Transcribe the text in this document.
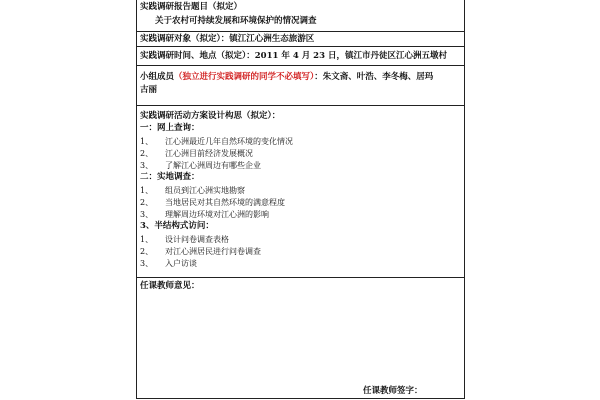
实践调研报告题目（拟定）
关于农村可持续发展和环境保护的情况调查
实践调研对象（拟定）：镇江江心洲生态旅游区
实践调研时间、地点（拟定）：2011 年 4 月 23 日，镇江市丹徒区江心洲五墩村
小组成员（独立进行实践调研的同学不必填写）：朱文斋、叶浩、李冬梅、居玛
古丽
实践调研活动方案设计构思（拟定）：
一：网上查询：
1、 江心洲最近几年自然环境的变化情况
2、 江心洲目前经济发展概况
3、 了解江心洲周边有哪些企业
二：实地调查：
1、 组员到江心洲实地勘察
2、 当地居民对其自然环境的满意程度
3、 理解周边环境对江心洲的影响
3、半结构式访问：
1、 设计问卷调查表格
2、 对江心洲居民进行问卷调查
3、 入户访谈
任课教师意见：
任课教师签字：
